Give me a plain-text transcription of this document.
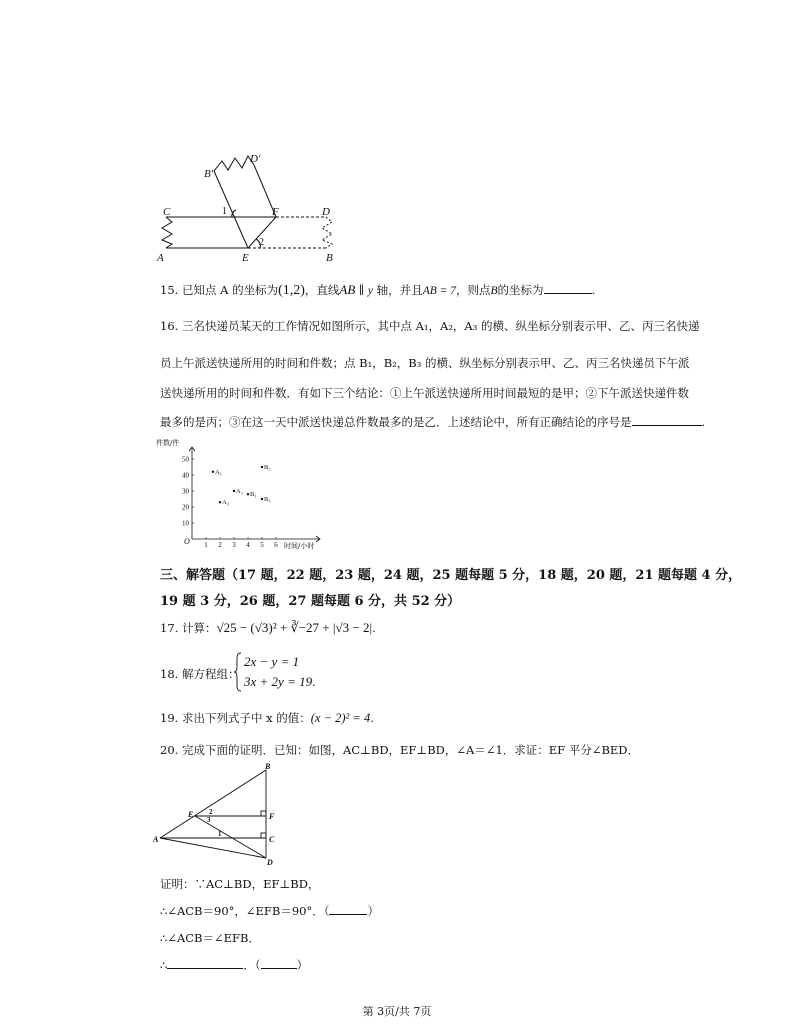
B′
D′
C	F	D
A	E	B
1
2
15. 已知点 A 的坐标为(1,2)，直线AB ∥ y 轴，并且AB = 7，则点B的坐标为	.
16. 三名快递员某天的工作情况如图所示，其中点 A₁，A₂，A₃ 的横、纵坐标分别表示甲、乙、丙三名快递
员上午派送快递所用的时间和件数；点 B₁，B₂，B₃ 的横、纵坐标分别表示甲、乙、丙三名快递员下午派
送快递所用的时间和件数．有如下三个结论：①上午派送快递所用时间最短的是甲；②下午派送快递件数
最多的是丙；③在这一天中派送快递总件数最多的是乙．上述结论中，所有正确结论的序号是	.
1 2 3 4 5 6
10
20
30
40
50
A₁
A₃
A₂ B₁
B₂
B₃
件数/件
时间/小时
O
三、解答题（17 题，22 题，23 题，24 题，25 题每题 5 分，18 题，20 题，21 题每题 4 分，
19 题 3 分，26 题，27 题每题 6 分，共 52 分）
17. 计算：√25 − (√3)² + ∛−27 + |√3 − 2|.
18. 解方程组：
2x − y = 1
3x + 2y = 19.
19. 求出下列式子中 x 的值：(x − 2)² = 4.
20. 完成下面的证明．已知：如图，AC⊥BD，EF⊥BD，∠A＝∠1．求证：EF 平分∠BED．
B
E	F
C
A
D
2
3
1
证明：∵AC⊥BD，EF⊥BD，
∴∠ACB＝90°，∠EFB＝90°．（	）
∴∠ACB＝∠EFB．
∴	．（	）
第 3页/共 7页
